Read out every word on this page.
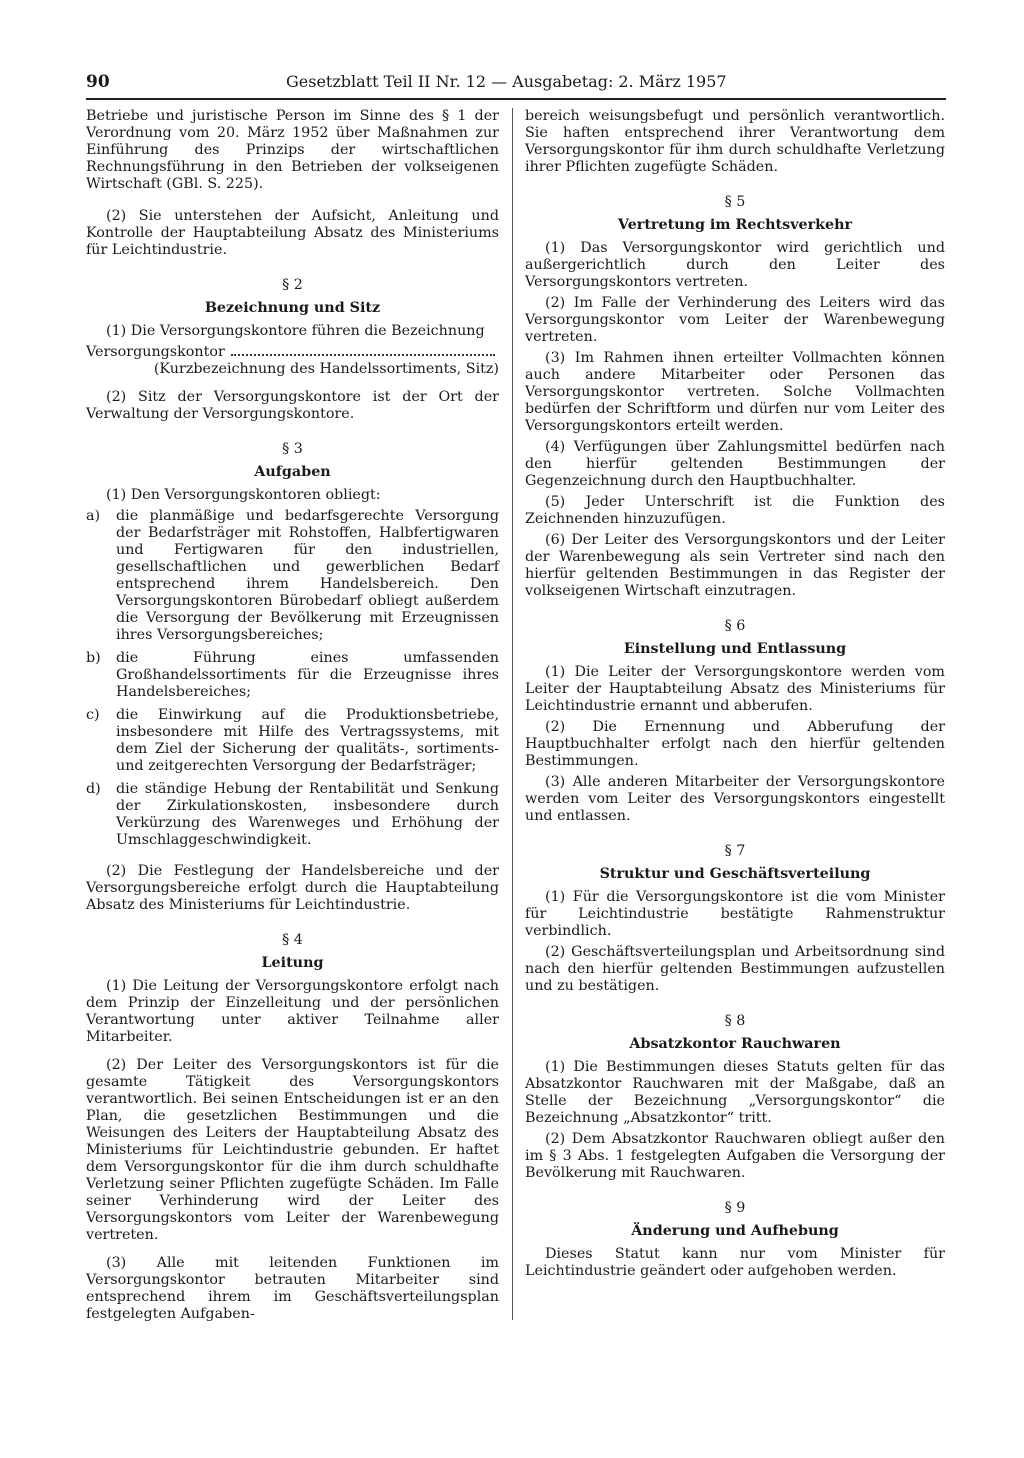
90	Gesetzblatt Teil II Nr. 12 — Ausgabetag: 2. März 1957

Betriebe und juristische Person im Sinne des § 1 der Verordnung vom 20. März 1952 über Maßnahmen zur Einführung des Prinzips der wirtschaftlichen Rechnungsführung in den Betrieben der volkseigenen Wirtschaft (GBl. S. 225).

(2) Sie unterstehen der Aufsicht, Anleitung und Kontrolle der Hauptabteilung Absatz des Ministeriums für Leichtindustrie.

§ 2
Bezeichnung und Sitz

(1) Die Versorgungskontore führen die Bezeichnung

Versorgungskontor
(Kurzbezeichnung des Handelssortiments, Sitz)

(2) Sitz der Versorgungskontore ist der Ort der Verwaltung der Versorgungskontore.

§ 3
Aufgaben

(1) Den Versorgungskontoren obliegt:

a) die planmäßige und bedarfsgerechte Versorgung der Bedarfsträger mit Rohstoffen, Halbfertigwaren und Fertigwaren für den industriellen, gesellschaftlichen und gewerblichen Bedarf entsprechend ihrem Handelsbereich. Den Versorgungskontoren Bürobedarf obliegt außerdem die Versorgung der Bevölkerung mit Erzeugnissen ihres Versorgungsbereiches;
b) die Führung eines umfassenden Großhandelssortiments für die Erzeugnisse ihres Handelsbereiches;
c) die Einwirkung auf die Produktionsbetriebe, insbesondere mit Hilfe des Vertragssystems, mit dem Ziel der Sicherung der qualitäts-, sortiments- und zeitgerechten Versorgung der Bedarfsträger;
d) die ständige Hebung der Rentabilität und Senkung der Zirkulationskosten, insbesondere durch Verkürzung des Warenweges und Erhöhung der Umschlaggeschwindigkeit.

(2) Die Festlegung der Handelsbereiche und der Versorgungsbereiche erfolgt durch die Hauptabteilung Absatz des Ministeriums für Leichtindustrie.

§ 4
Leitung

(1) Die Leitung der Versorgungskontore erfolgt nach dem Prinzip der Einzelleitung und der persönlichen Verantwortung unter aktiver Teilnahme aller Mitarbeiter.

(2) Der Leiter des Versorgungskontors ist für die gesamte Tätigkeit des Versorgungskontors verantwortlich. Bei seinen Entscheidungen ist er an den Plan, die gesetzlichen Bestimmungen und die Weisungen des Leiters der Hauptabteilung Absatz des Ministeriums für Leichtindustrie gebunden. Er haftet dem Versorgungskontor für die ihm durch schuldhafte Verletzung seiner Pflichten zugefügte Schäden. Im Falle seiner Verhinderung wird der Leiter des Versorgungskontors vom Leiter der Warenbewegung vertreten.

(3) Alle mit leitenden Funktionen im Versorgungskontor betrauten Mitarbeiter sind entsprechend ihrem im Geschäftsverteilungsplan festgelegten Aufgaben-

bereich weisungsbefugt und persönlich verantwortlich. Sie haften entsprechend ihrer Verantwortung dem Versorgungskontor für ihm durch schuldhafte Verletzung ihrer Pflichten zugefügte Schäden.

§ 5
Vertretung im Rechtsverkehr

(1) Das Versorgungskontor wird gerichtlich und außergerichtlich durch den Leiter des Versorgungskontors vertreten.

(2) Im Falle der Verhinderung des Leiters wird das Versorgungskontor vom Leiter der Warenbewegung vertreten.

(3) Im Rahmen ihnen erteilter Vollmachten können auch andere Mitarbeiter oder Personen das Versorgungskontor vertreten. Solche Vollmachten bedürfen der Schriftform und dürfen nur vom Leiter des Versorgungskontors erteilt werden.

(4) Verfügungen über Zahlungsmittel bedürfen nach den hierfür geltenden Bestimmungen der Gegenzeichnung durch den Hauptbuchhalter.

(5) Jeder Unterschrift ist die Funktion des Zeichnenden hinzuzufügen.

(6) Der Leiter des Versorgungskontors und der Leiter der Warenbewegung als sein Vertreter sind nach den hierfür geltenden Bestimmungen in das Register der volkseigenen Wirtschaft einzutragen.

§ 6
Einstellung und Entlassung

(1) Die Leiter der Versorgungskontore werden vom Leiter der Hauptabteilung Absatz des Ministeriums für Leichtindustrie ernannt und abberufen.

(2) Die Ernennung und Abberufung der Hauptbuchhalter erfolgt nach den hierfür geltenden Bestimmungen.

(3) Alle anderen Mitarbeiter der Versorgungskontore werden vom Leiter des Versorgungskontors eingestellt und entlassen.

§ 7
Struktur und Geschäftsverteilung

(1) Für die Versorgungskontore ist die vom Minister für Leichtindustrie bestätigte Rahmenstruktur verbindlich.

(2) Geschäftsverteilungsplan und Arbeitsordnung sind nach den hierfür geltenden Bestimmungen aufzustellen und zu bestätigen.

§ 8
Absatzkontor Rauchwaren

(1) Die Bestimmungen dieses Statuts gelten für das Absatzkontor Rauchwaren mit der Maßgabe, daß an Stelle der Bezeichnung „Versorgungskontor“ die Bezeichnung „Absatzkontor“ tritt.

(2) Dem Absatzkontor Rauchwaren obliegt außer den im § 3 Abs. 1 festgelegten Aufgaben die Versorgung der Bevölkerung mit Rauchwaren.

§ 9
Änderung und Aufhebung

Dieses Statut kann nur vom Minister für Leichtindustrie geändert oder aufgehoben werden.
